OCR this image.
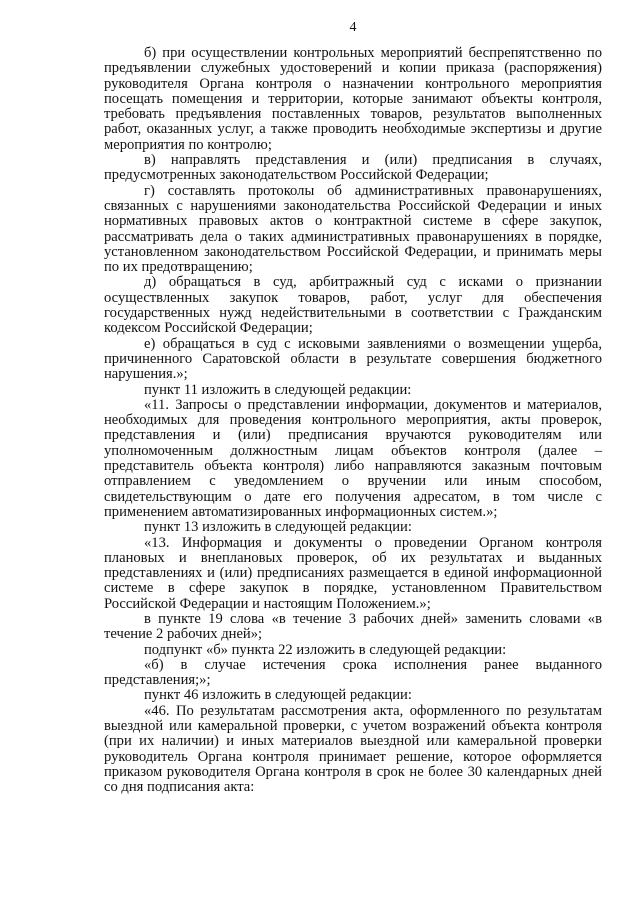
4

б) при осуществлении контрольных мероприятий беспрепятственно по предъявлении служебных удостоверений и копии приказа (распоряжения) руководителя Органа контроля о назначении контрольного мероприятия посещать помещения и территории, которые занимают объекты контроля, требовать предъявления поставленных товаров, результатов выполненных работ, оказанных услуг, а также проводить необходимые экспертизы и другие мероприятия по контролю;

в) направлять представления и (или) предписания в случаях, предусмотренных законодательством Российской Федерации;

г) составлять протоколы об административных правонарушениях, связанных с нарушениями законодательства Российской Федерации и иных нормативных правовых актов о контрактной системе в сфере закупок, рассматривать дела о таких административных правонарушениях в порядке, установленном законодательством Российской Федерации, и принимать меры по их предотвращению;

д) обращаться в суд, арбитражный суд с исками о признании осуществленных закупок товаров, работ, услуг для обеспечения государственных нужд недействительными в соответствии с Гражданским кодексом Российской Федерации;

е) обращаться в суд с исковыми заявлениями о возмещении ущерба, причиненного Саратовской области в результате совершения бюджетного нарушения.»;

пункт 11 изложить в следующей редакции:

«11. Запросы о представлении информации, документов и материалов, необходимых для проведения контрольного мероприятия, акты проверок, представления и (или) предписания вручаются руководителям или уполномоченным должностным лицам объектов контроля (далее – представитель объекта контроля) либо направляются заказным почтовым отправлением с уведомлением о вручении или иным способом, свидетельствующим о дате его получения адресатом, в том числе с применением автоматизированных информационных систем.»;

пункт 13 изложить в следующей редакции:

«13. Информация и документы о проведении Органом контроля плановых и внеплановых проверок, об их результатах и выданных представлениях и (или) предписаниях размещается в единой информационной системе в сфере закупок в порядке, установленном Правительством Российской Федерации и настоящим Положением.»;

в пункте 19 слова «в течение 3 рабочих дней» заменить словами «в течение 2 рабочих дней»;

подпункт «б» пункта 22 изложить в следующей редакции:

«б) в случае истечения срока исполнения ранее выданного представления;»;

пункт 46 изложить в следующей редакции:

«46. По результатам рассмотрения акта, оформленного по результатам выездной или камеральной проверки, с учетом возражений объекта контроля (при их наличии) и иных материалов выездной или камеральной проверки руководитель Органа контроля принимает решение, которое оформляется приказом руководителя Органа контроля в срок не более 30 календарных дней со дня подписания акта:
